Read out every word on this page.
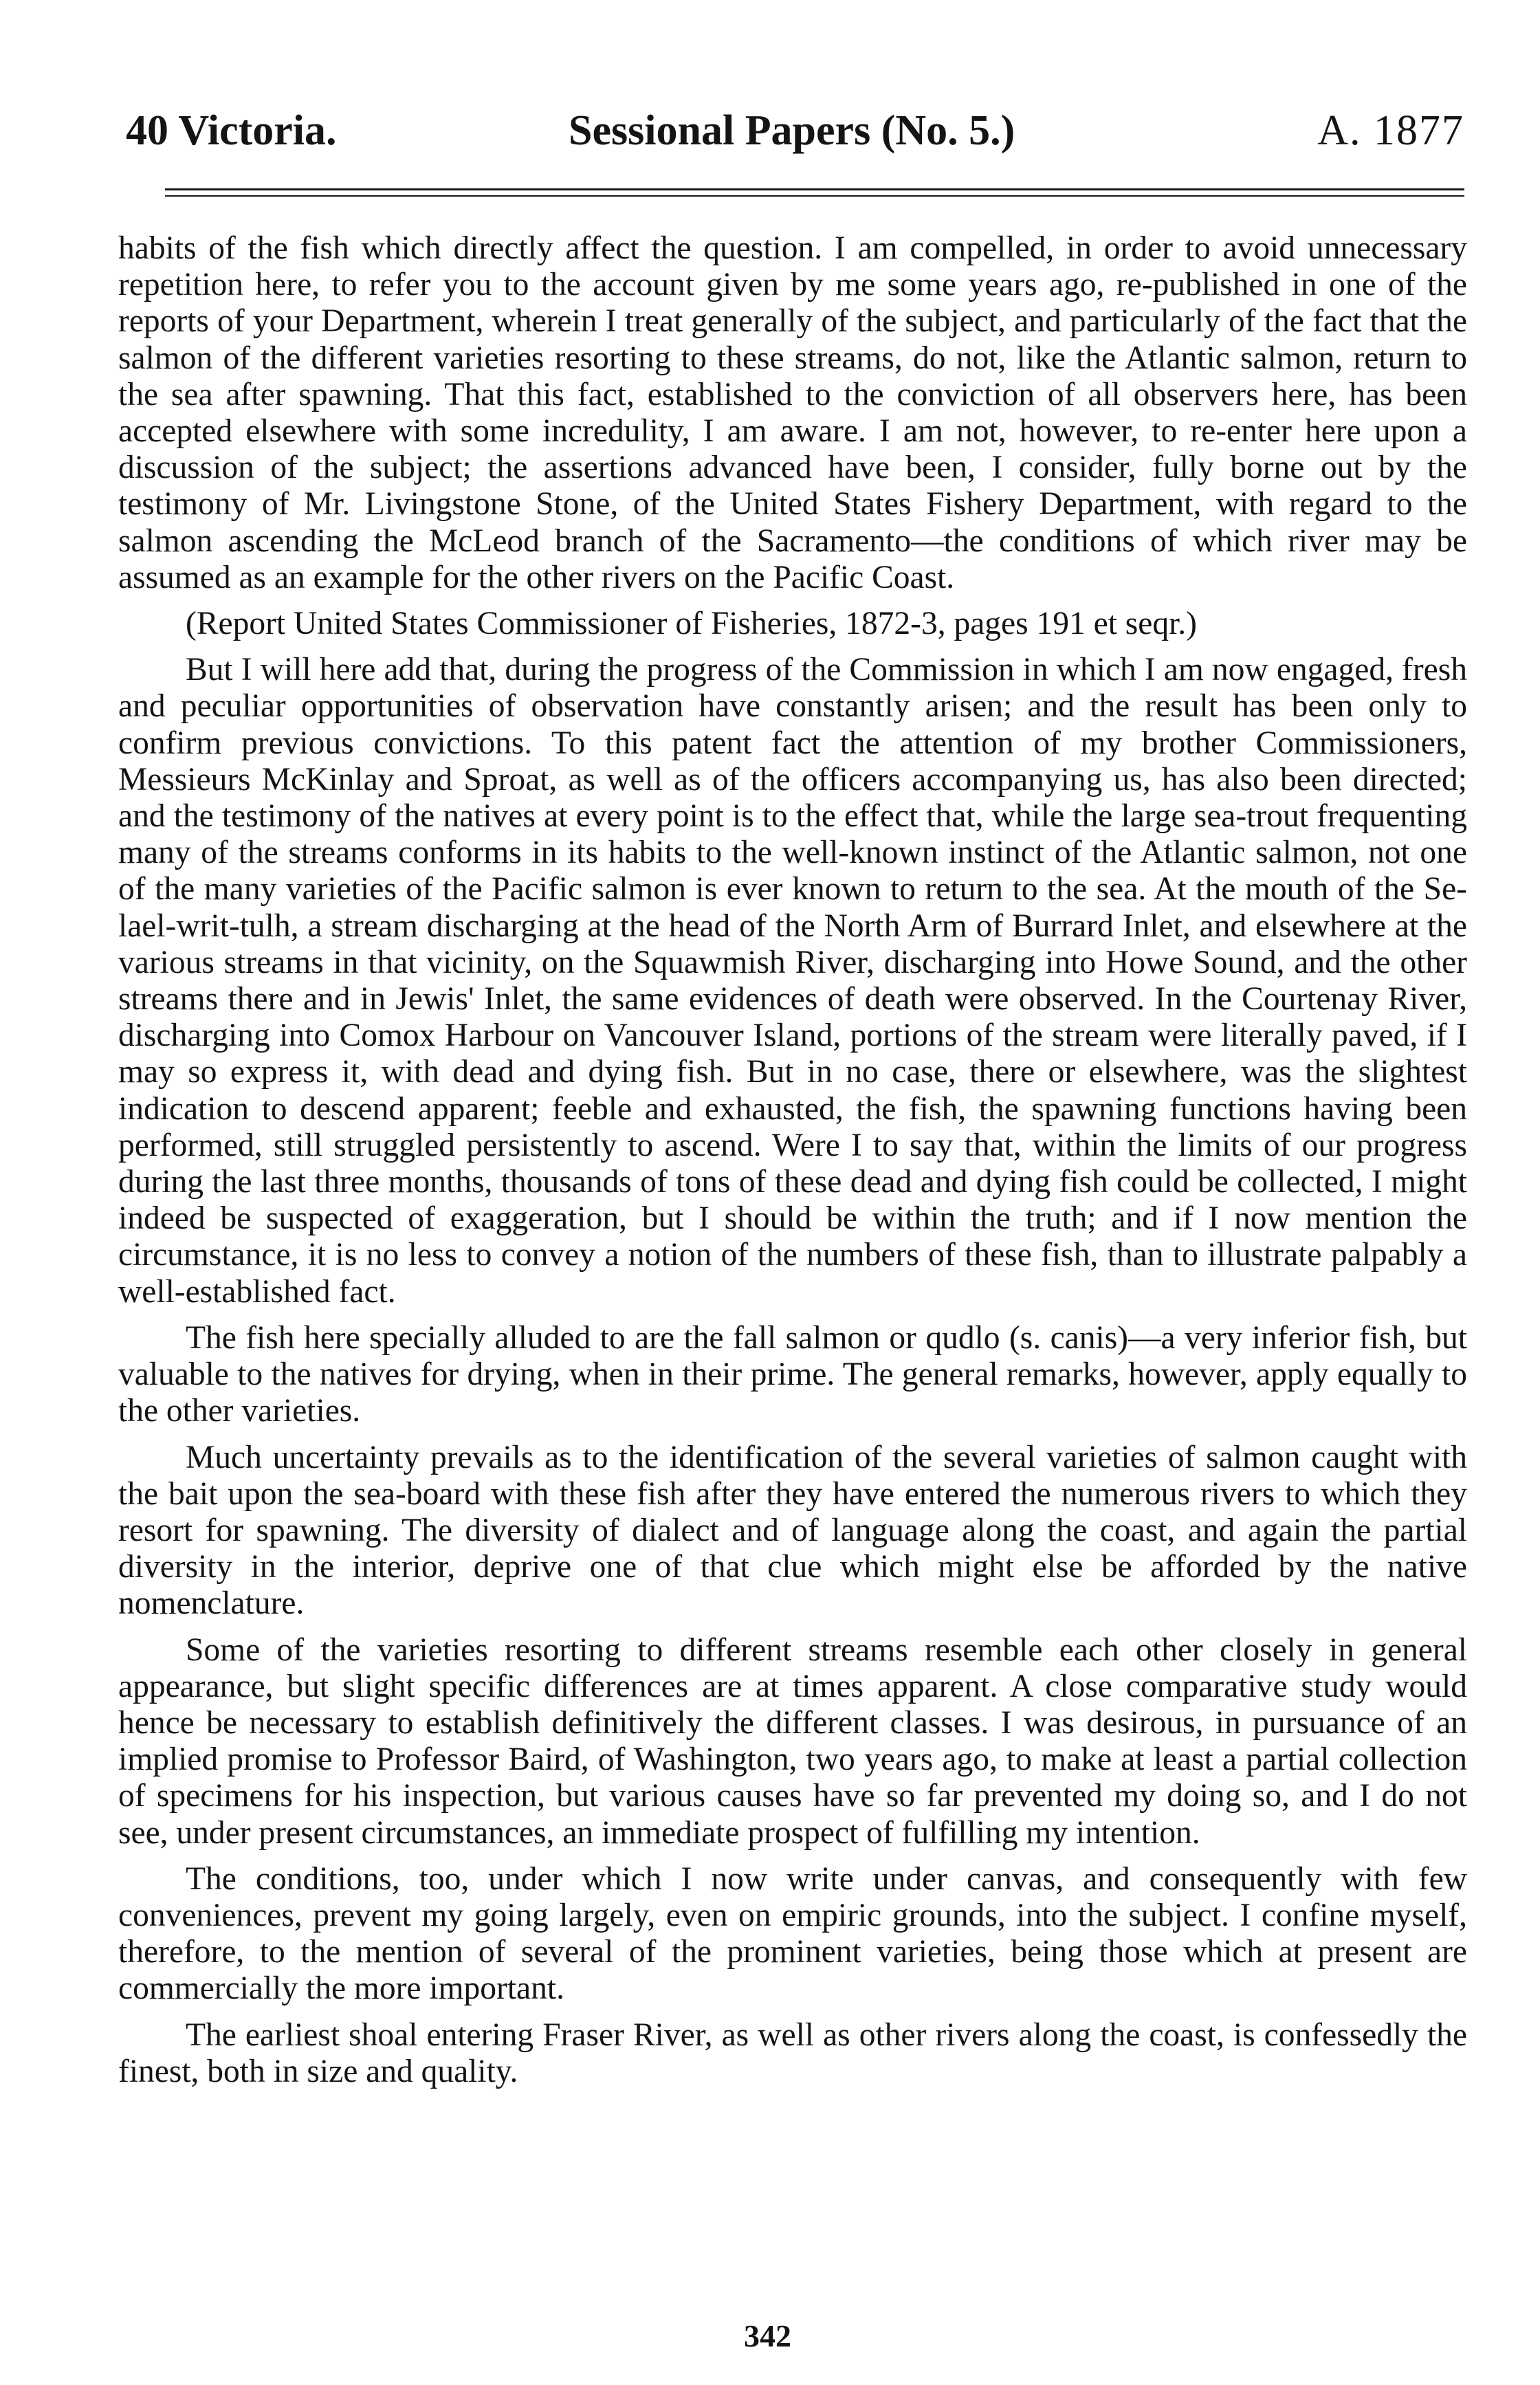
40 Victoria.	Sessional Papers (No. 5.)	A. 1877

habits of the fish which directly affect the question. I am compelled, in order to avoid unnecessary repetition here, to refer you to the account given by me some years ago, re-published in one of the reports of your Department, wherein I treat generally of the subject, and particularly of the fact that the salmon of the different varieties resorting to these streams, do not, like the Atlantic salmon, return to the sea after spawning. That this fact, established to the conviction of all observers here, has been accepted elsewhere with some incredulity, I am aware. I am not, however, to re-enter here upon a discussion of the subject; the assertions advanced have been, I consider, fully borne out by the testimony of Mr. Livingstone Stone, of the United States Fishery Department, with regard to the salmon ascending the McLeod branch of the Sacramento—the conditions of which river may be assumed as an example for the other rivers on the Pacific Coast.

(Report United States Commissioner of Fisheries, 1872-3, pages 191 et seqr.)

But I will here add that, during the progress of the Commission in which I am now engaged, fresh and peculiar opportunities of observation have constantly arisen; and the result has been only to confirm previous convictions. To this patent fact the attention of my brother Commissioners, Messieurs McKinlay and Sproat, as well as of the officers accompanying us, has also been directed; and the testimony of the natives at every point is to the effect that, while the large sea-trout frequenting many of the streams conforms in its habits to the well-known instinct of the Atlantic salmon, not one of the many varieties of the Pacific salmon is ever known to return to the sea. At the mouth of the Se-lael-writ-tulh, a stream discharging at the head of the North Arm of Burrard Inlet, and elsewhere at the various streams in that vicinity, on the Squawmish River, discharging into Howe Sound, and the other streams there and in Jewis' Inlet, the same evidences of death were observed. In the Courtenay River, discharging into Comox Harbour on Vancouver Island, portions of the stream were literally paved, if I may so express it, with dead and dying fish. But in no case, there or elsewhere, was the slightest indication to descend apparent; feeble and exhausted, the fish, the spawning functions having been performed, still struggled persistently to ascend. Were I to say that, within the limits of our progress during the last three months, thousands of tons of these dead and dying fish could be collected, I might indeed be suspected of exaggeration, but I should be within the truth; and if I now mention the circumstance, it is no less to convey a notion of the numbers of these fish, than to illustrate palpably a well-established fact.

The fish here specially alluded to are the fall salmon or qudlo (s. canis)—a very inferior fish, but valuable to the natives for drying, when in their prime. The general remarks, however, apply equally to the other varieties.

Much uncertainty prevails as to the identification of the several varieties of salmon caught with the bait upon the sea-board with these fish after they have entered the numerous rivers to which they resort for spawning. The diversity of dialect and of language along the coast, and again the partial diversity in the interior, deprive one of that clue which might else be afforded by the native nomenclature.

Some of the varieties resorting to different streams resemble each other closely in general appearance, but slight specific differences are at times apparent. A close comparative study would hence be necessary to establish definitively the different classes. I was desirous, in pursuance of an implied promise to Professor Baird, of Washington, two years ago, to make at least a partial collection of specimens for his inspection, but various causes have so far prevented my doing so, and I do not see, under present circumstances, an immediate prospect of fulfilling my intention.

The conditions, too, under which I now write under canvas, and consequently with few conveniences, prevent my going largely, even on empiric grounds, into the subject. I confine myself, therefore, to the mention of several of the prominent varieties, being those which at present are commercially the more important.

The earliest shoal entering Fraser River, as well as other rivers along the coast, is confessedly the finest, both in size and quality.

342
